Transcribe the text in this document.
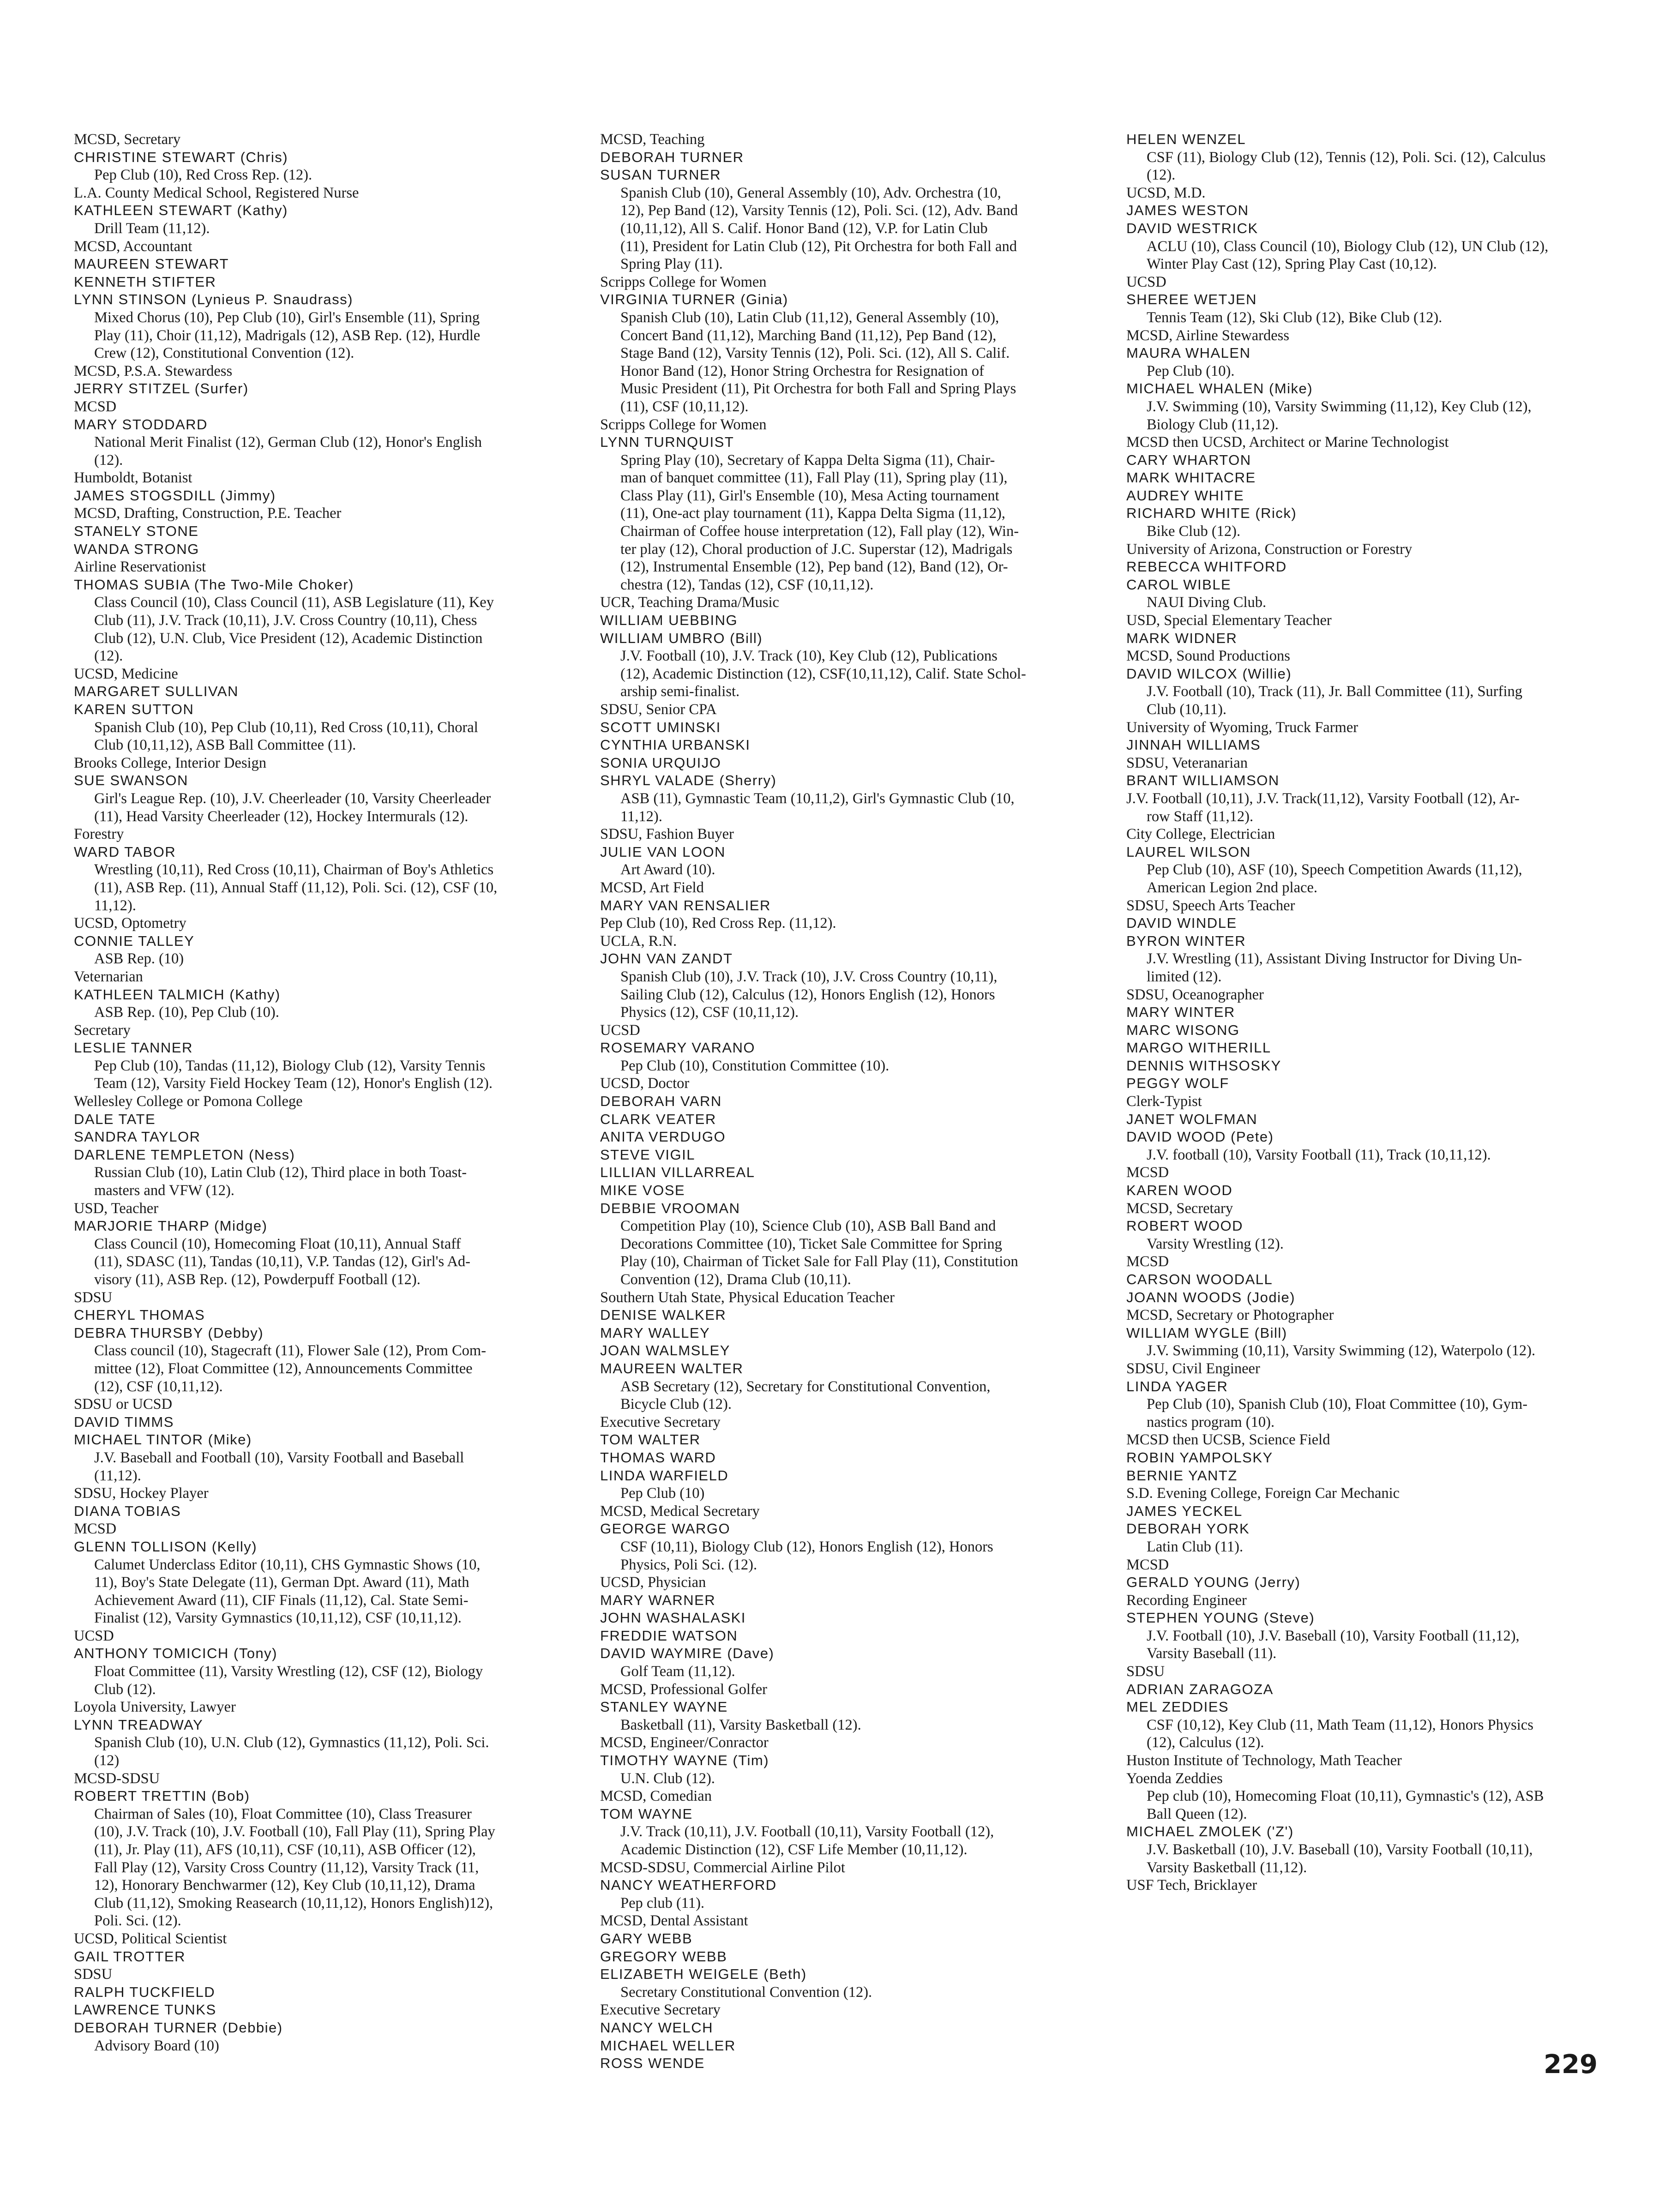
MCSD, Secretary
CHRISTINE STEWART (Chris)
Pep Club (10), Red Cross Rep. (12).
L.A. County Medical School, Registered Nurse
KATHLEEN STEWART (Kathy)
Drill Team (11,12).
MCSD, Accountant
MAUREEN STEWART
KENNETH STIFTER
LYNN STINSON (Lynieus P. Snaudrass)
Mixed Chorus (10), Pep Club (10), Girl's Ensemble (11), Spring
Play (11), Choir (11,12), Madrigals (12), ASB Rep. (12), Hurdle
Crew (12), Constitutional Convention (12).
MCSD, P.S.A. Stewardess
JERRY STITZEL (Surfer)
MCSD
MARY STODDARD
National Merit Finalist (12), German Club (12), Honor's English
(12).
Humboldt, Botanist
JAMES STOGSDILL (Jimmy)
MCSD, Drafting, Construction, P.E. Teacher
STANELY STONE
WANDA STRONG
Airline Reservationist
THOMAS SUBIA (The Two-Mile Choker)
Class Council (10), Class Council (11), ASB Legislature (11), Key
Club (11), J.V. Track (10,11), J.V. Cross Country (10,11), Chess
Club (12), U.N. Club, Vice President (12), Academic Distinction
(12).
UCSD, Medicine
MARGARET SULLIVAN
KAREN SUTTON
Spanish Club (10), Pep Club (10,11), Red Cross (10,11), Choral
Club (10,11,12), ASB Ball Committee (11).
Brooks College, Interior Design
SUE SWANSON
Girl's League Rep. (10), J.V. Cheerleader (10, Varsity Cheerleader
(11), Head Varsity Cheerleader (12), Hockey Intermurals (12).
Forestry
WARD TABOR
Wrestling (10,11), Red Cross (10,11), Chairman of Boy's Athletics
(11), ASB Rep. (11), Annual Staff (11,12), Poli. Sci. (12), CSF (10,
11,12).
UCSD, Optometry
CONNIE TALLEY
ASB Rep. (10)
Veternarian
KATHLEEN TALMICH (Kathy)
ASB Rep. (10), Pep Club (10).
Secretary
LESLIE TANNER
Pep Club (10), Tandas (11,12), Biology Club (12), Varsity Tennis
Team (12), Varsity Field Hockey Team (12), Honor's English (12).
Wellesley College or Pomona College
DALE TATE
SANDRA TAYLOR
DARLENE TEMPLETON (Ness)
Russian Club (10), Latin Club (12), Third place in both Toast-
masters and VFW (12).
USD, Teacher
MARJORIE THARP (Midge)
Class Council (10), Homecoming Float (10,11), Annual Staff
(11), SDASC (11), Tandas (10,11), V.P. Tandas (12), Girl's Ad-
visory (11), ASB Rep. (12), Powderpuff Football (12).
SDSU
CHERYL THOMAS
DEBRA THURSBY (Debby)
Class council (10), Stagecraft (11), Flower Sale (12), Prom Com-
mittee (12), Float Committee (12), Announcements Committee
(12), CSF (10,11,12).
SDSU or UCSD
DAVID TIMMS
MICHAEL TINTOR (Mike)
J.V. Baseball and Football (10), Varsity Football and Baseball
(11,12).
SDSU, Hockey Player
DIANA TOBIAS
MCSD
GLENN TOLLISON (Kelly)
Calumet Underclass Editor (10,11), CHS Gymnastic Shows (10,
11), Boy's State Delegate (11), German Dpt. Award (11), Math
Achievement Award (11), CIF Finals (11,12), Cal. State Semi-
Finalist (12), Varsity Gymnastics (10,11,12), CSF (10,11,12).
UCSD
ANTHONY TOMICICH (Tony)
Float Committee (11), Varsity Wrestling (12), CSF (12), Biology
Club (12).
Loyola University, Lawyer
LYNN TREADWAY
Spanish Club (10), U.N. Club (12), Gymnastics (11,12), Poli. Sci.
(12)
MCSD-SDSU
ROBERT TRETTIN (Bob)
Chairman of Sales (10), Float Committee (10), Class Treasurer
(10), J.V. Track (10), J.V. Football (10), Fall Play (11), Spring Play
(11), Jr. Play (11), AFS (10,11), CSF (10,11), ASB Officer (12),
Fall Play (12), Varsity Cross Country (11,12), Varsity Track (11,
12), Honorary Benchwarmer (12), Key Club (10,11,12), Drama
Club (11,12), Smoking Reasearch (10,11,12), Honors English)12),
Poli. Sci. (12).
UCSD, Political Scientist
GAIL TROTTER
SDSU
RALPH TUCKFIELD
LAWRENCE TUNKS
DEBORAH TURNER (Debbie)
Advisory Board (10)
MCSD, Teaching
DEBORAH TURNER
SUSAN TURNER
Spanish Club (10), General Assembly (10), Adv. Orchestra (10,
12), Pep Band (12), Varsity Tennis (12), Poli. Sci. (12), Adv. Band
(10,11,12), All S. Calif. Honor Band (12), V.P. for Latin Club
(11), President for Latin Club (12), Pit Orchestra for both Fall and
Spring Play (11).
Scripps College for Women
VIRGINIA TURNER (Ginia)
Spanish Club (10), Latin Club (11,12), General Assembly (10),
Concert Band (11,12), Marching Band (11,12), Pep Band (12),
Stage Band (12), Varsity Tennis (12), Poli. Sci. (12), All S. Calif.
Honor Band (12), Honor String Orchestra for Resignation of
Music President (11), Pit Orchestra for both Fall and Spring Plays
(11), CSF (10,11,12).
Scripps College for Women
LYNN TURNQUIST
Spring Play (10), Secretary of Kappa Delta Sigma (11), Chair-
man of banquet committee (11), Fall Play (11), Spring play (11),
Class Play (11), Girl's Ensemble (10), Mesa Acting tournament
(11), One-act play tournament (11), Kappa Delta Sigma (11,12),
Chairman of Coffee house interpretation (12), Fall play (12), Win-
ter play (12), Choral production of J.C. Superstar (12), Madrigals
(12), Instrumental Ensemble (12), Pep band (12), Band (12), Or-
chestra (12), Tandas (12), CSF (10,11,12).
UCR, Teaching Drama/Music
WILLIAM UEBBING
WILLIAM UMBRO (Bill)
J.V. Football (10), J.V. Track (10), Key Club (12), Publications
(12), Academic Distinction (12), CSF(10,11,12), Calif. State Schol-
arship semi-finalist.
SDSU, Senior CPA
SCOTT UMINSKI
CYNTHIA URBANSKI
SONIA URQUIJO
SHRYL VALADE (Sherry)
ASB (11), Gymnastic Team (10,11,2), Girl's Gymnastic Club (10,
11,12).
SDSU, Fashion Buyer
JULIE VAN LOON
Art Award (10).
MCSD, Art Field
MARY VAN RENSALIER
Pep Club (10), Red Cross Rep. (11,12).
UCLA, R.N.
JOHN VAN ZANDT
Spanish Club (10), J.V. Track (10), J.V. Cross Country (10,11),
Sailing Club (12), Calculus (12), Honors English (12), Honors
Physics (12), CSF (10,11,12).
UCSD
ROSEMARY VARANO
Pep Club (10), Constitution Committee (10).
UCSD, Doctor
DEBORAH VARN
CLARK VEATER
ANITA VERDUGO
STEVE VIGIL
LILLIAN VILLARREAL
MIKE VOSE
DEBBIE VROOMAN
Competition Play (10), Science Club (10), ASB Ball Band and
Decorations Committee (10), Ticket Sale Committee for Spring
Play (10), Chairman of Ticket Sale for Fall Play (11), Constitution
Convention (12), Drama Club (10,11).
Southern Utah State, Physical Education Teacher
DENISE WALKER
MARY WALLEY
JOAN WALMSLEY
MAUREEN WALTER
ASB Secretary (12), Secretary for Constitutional Convention,
Bicycle Club (12).
Executive Secretary
TOM WALTER
THOMAS WARD
LINDA WARFIELD
Pep Club (10)
MCSD, Medical Secretary
GEORGE WARGO
CSF (10,11), Biology Club (12), Honors English (12), Honors
Physics, Poli Sci. (12).
UCSD, Physician
MARY WARNER
JOHN WASHALASKI
FREDDIE WATSON
DAVID WAYMIRE (Dave)
Golf Team (11,12).
MCSD, Professional Golfer
STANLEY WAYNE
Basketball (11), Varsity Basketball (12).
MCSD, Engineer/Conractor
TIMOTHY WAYNE (Tim)
U.N. Club (12).
MCSD, Comedian
TOM WAYNE
J.V. Track (10,11), J.V. Football (10,11), Varsity Football (12),
Academic Distinction (12), CSF Life Member (10,11,12).
MCSD-SDSU, Commercial Airline Pilot
NANCY WEATHERFORD
Pep club (11).
MCSD, Dental Assistant
GARY WEBB
GREGORY WEBB
ELIZABETH WEIGELE (Beth)
Secretary Constitutional Convention (12).
Executive Secretary
NANCY WELCH
MICHAEL WELLER
ROSS WENDE
HELEN WENZEL
CSF (11), Biology Club (12), Tennis (12), Poli. Sci. (12), Calculus
(12).
UCSD, M.D.
JAMES WESTON
DAVID WESTRICK
ACLU (10), Class Council (10), Biology Club (12), UN Club (12),
Winter Play Cast (12), Spring Play Cast (10,12).
UCSD
SHEREE WETJEN
Tennis Team (12), Ski Club (12), Bike Club (12).
MCSD, Airline Stewardess
MAURA WHALEN
Pep Club (10).
MICHAEL WHALEN (Mike)
J.V. Swimming (10), Varsity Swimming (11,12), Key Club (12),
Biology Club (11,12).
MCSD then UCSD, Architect or Marine Technologist
CARY WHARTON
MARK WHITACRE
AUDREY WHITE
RICHARD WHITE (Rick)
Bike Club (12).
University of Arizona, Construction or Forestry
REBECCA WHITFORD
CAROL WIBLE
NAUI Diving Club.
USD, Special Elementary Teacher
MARK WIDNER
MCSD, Sound Productions
DAVID WILCOX (Willie)
J.V. Football (10), Track (11), Jr. Ball Committee (11), Surfing
Club (10,11).
University of Wyoming, Truck Farmer
JINNAH WILLIAMS
SDSU, Veteranarian
BRANT WILLIAMSON
J.V. Football (10,11), J.V. Track(11,12), Varsity Football (12), Ar-
row Staff (11,12).
City College, Electrician
LAUREL WILSON
Pep Club (10), ASF (10), Speech Competition Awards (11,12),
American Legion 2nd place.
SDSU, Speech Arts Teacher
DAVID WINDLE
BYRON WINTER
J.V. Wrestling (11), Assistant Diving Instructor for Diving Un-
limited (12).
SDSU, Oceanographer
MARY WINTER
MARC WISONG
MARGO WITHERILL
DENNIS WITHSOSKY
PEGGY WOLF
Clerk-Typist
JANET WOLFMAN
DAVID WOOD (Pete)
J.V. football (10), Varsity Football (11), Track (10,11,12).
MCSD
KAREN WOOD
MCSD, Secretary
ROBERT WOOD
Varsity Wrestling (12).
MCSD
CARSON WOODALL
JOANN WOODS (Jodie)
MCSD, Secretary or Photographer
WILLIAM WYGLE (Bill)
J.V. Swimming (10,11), Varsity Swimming (12), Waterpolo (12).
SDSU, Civil Engineer
LINDA YAGER
Pep Club (10), Spanish Club (10), Float Committee (10), Gym-
nastics program (10).
MCSD then UCSB, Science Field
ROBIN YAMPOLSKY
BERNIE YANTZ
S.D. Evening College, Foreign Car Mechanic
JAMES YECKEL
DEBORAH YORK
Latin Club (11).
MCSD
GERALD YOUNG (Jerry)
Recording Engineer
STEPHEN YOUNG (Steve)
J.V. Football (10), J.V. Baseball (10), Varsity Football (11,12),
Varsity Baseball (11).
SDSU
ADRIAN ZARAGOZA
MEL ZEDDIES
CSF (10,12), Key Club (11, Math Team (11,12), Honors Physics
(12), Calculus (12).
Huston Institute of Technology, Math Teacher
Yoenda Zeddies
Pep club (10), Homecoming Float (10,11), Gymnastic's (12), ASB
Ball Queen (12).
MICHAEL ZMOLEK ('Z')
J.V. Basketball (10), J.V. Baseball (10), Varsity Football (10,11),
Varsity Basketball (11,12).
USF Tech, Bricklayer
229
